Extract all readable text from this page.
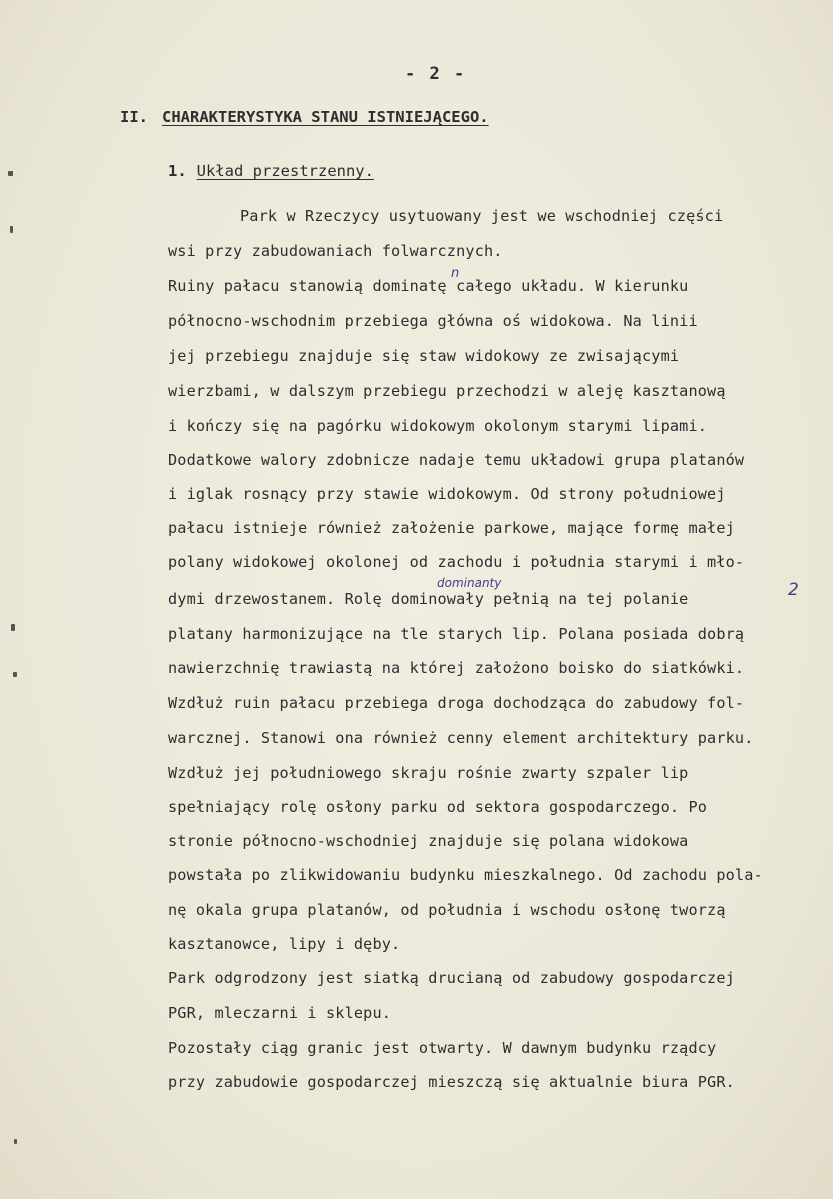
- 2 -
II. CHARAKTERYSTYKA STANU ISTNIEJĄCEGO.
1. Układ przestrzenny.
Park w Rzeczycy usytuowany jest we wschodniej części
wsi przy zabudowaniach folwarcznych.
Ruiny pałacu stanowią dominatę całego układu. W kierunku
północno-wschodnim przebiega główna oś widokowa. Na linii
jej przebiegu znajduje się staw widokowy ze zwisającymi
wierzbami, w dalszym przebiegu przechodzi w aleję kasztanową
i kończy się na pagórku widokowym okolonym starymi lipami.
Dodatkowe walory zdobnicze nadaje temu układowi grupa platanów
i iglak rosnący przy stawie widokowym. Od strony południowej
pałacu istnieje również założenie parkowe, mające formę małej
polany widokowej okolonej od zachodu i południa starymi i mło-
dymi drzewostanem. Rolę dominowały pełnią na tej polanie
platany harmonizujące na tle starych lip. Polana posiada dobrą
nawierzchnię trawiastą na której założono boisko do siatkówki.
Wzdłuż ruin pałacu przebiega droga dochodząca do zabudowy fol-
warcznej. Stanowi ona również cenny element architektury parku.
Wzdłuż jej południowego skraju rośnie zwarty szpaler lip
spełniający rolę osłony parku od sektora gospodarczego. Po
stronie północno-wschodniej znajduje się polana widokowa
powstała po zlikwidowaniu budynku mieszkalnego. Od zachodu pola-
nę okala grupa platanów, od południa i wschodu osłonę tworzą
kasztanowce, lipy i dęby.
Park odgrodzony jest siatką drucianą od zabudowy gospodarczej
PGR, mleczarni i sklepu.
Pozostały ciąg granic jest otwarty. W dawnym budynku rządcy
przy zabudowie gospodarczej mieszczą się aktualnie biura PGR.
n
dominanty	2
